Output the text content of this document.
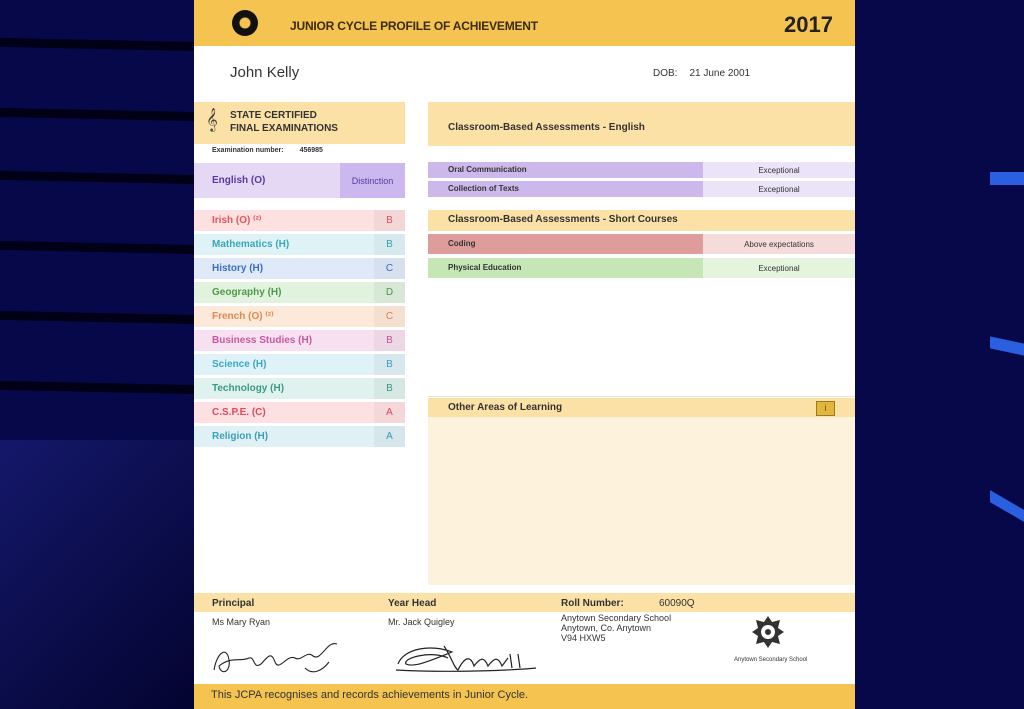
JUNIOR CYCLE PROFILE OF ACHIEVEMENT	2017
John Kelly	DOB: 21 June 2001
𝄞 STATE CERTIFIED
FINAL EXAMINATIONS
Examination number: 456985
English (O)	Distinction
Irish (O) ⁽²⁾	B
Mathematics (H)	B
History (H)	C
Geography (H)	D
French (O) ⁽²⁾	C
Business Studies (H)	B
Science (H)	B
Technology (H)	B
C.S.P.E. (C)	A
Religion (H)	A
Classroom-Based Assessments - English
Oral Communication	Exceptional
Collection of Texts	Exceptional
Classroom-Based Assessments - Short Courses
Coding	Above expectations
Physical Education	Exceptional
Other Areas of Learning	i
Principal	Year Head	Roll Number:	60090Q
Ms Mary Ryan	Mr. Jack Quigley	Anytown Secondary School
Anytown, Co. Anytown
V94 HXW5
Anytown Secondary School
This JCPA recognises and records achievements in Junior Cycle.
